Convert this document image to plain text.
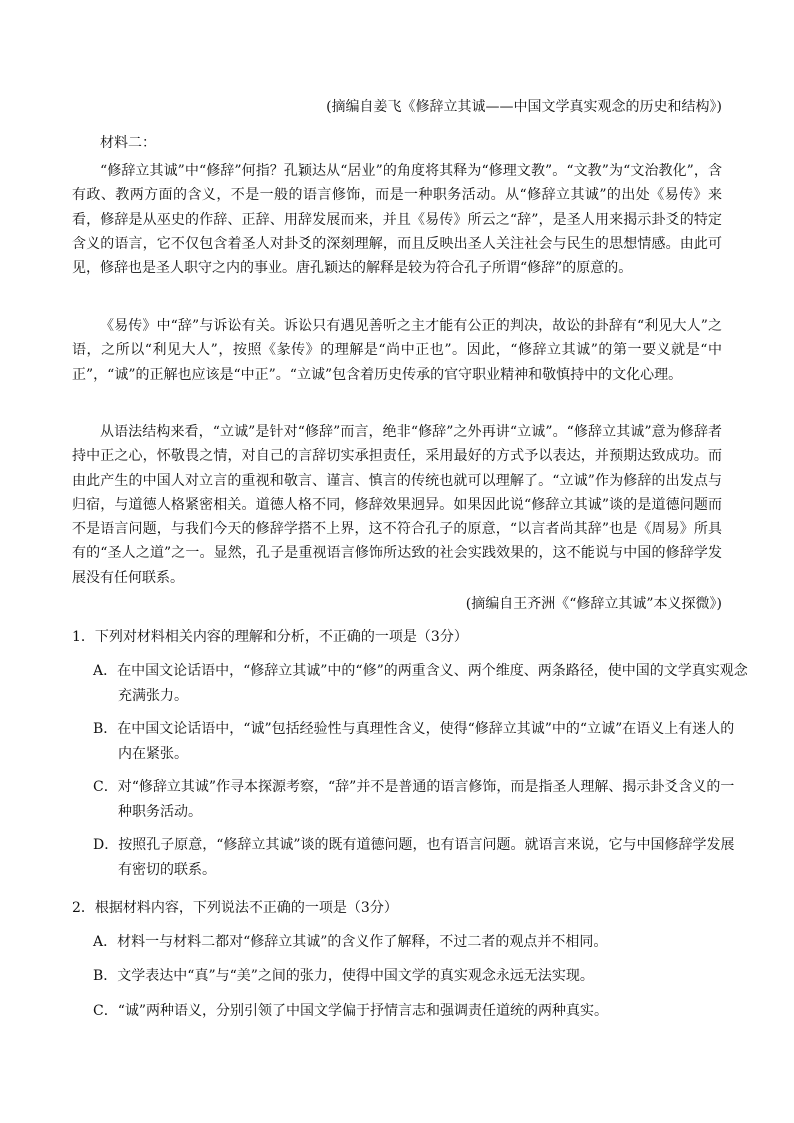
(摘编自姜飞《修辞立其诚——中国文学真实观念的历史和结构》)
材料二：

“修辞立其诚”中“修辞”何指？孔颖达从“居业”的角度将其释为“修理文教”。“文教”为“文治教化”，含有政、教两方面的含义，不是一般的语言修饰，而是一种职务活动。从“修辞立其诚”的出处《易传》来看，修辞是从巫史的作辞、正辞、用辞发展而来，并且《易传》所云之“辞”，是圣人用来揭示卦爻的特定含义的语言，它不仅包含着圣人对卦爻的深刻理解，而且反映出圣人关注社会与民生的思想情感。由此可见，修辞也是圣人职守之内的事业。唐孔颖达的解释是较为符合孔子所谓“修辞”的原意的。

《易传》中“辞”与诉讼有关。诉讼只有遇见善听之主才能有公正的判决，故讼的卦辞有“利见大人”之语，之所以“利见大人”，按照《彖传》的理解是“尚中正也”。因此，“修辞立其诚”的第一要义就是“中正”，“诚”的正解也应该是“中正”。“立诚”包含着历史传承的官守职业精神和敬慎持中的文化心理。

从语法结构来看，“立诚”是针对“修辞”而言，绝非“修辞”之外再讲“立诚”。“修辞立其诚”意为修辞者持中正之心，怀敬畏之情，对自己的言辞切实承担责任，采用最好的方式予以表达，并预期达致成功。而由此产生的中国人对立言的重视和敬言、谨言、慎言的传统也就可以理解了。“立诚”作为修辞的出发点与归宿，与道德人格紧密相关。道德人格不同，修辞效果迥异。如果因此说“修辞立其诚”谈的是道德问题而不是语言问题，与我们今天的修辞学搭不上界，这不符合孔子的原意，“以言者尚其辞”也是《周易》所具有的“圣人之道”之一。显然，孔子是重视语言修饰所达致的社会实践效果的，这不能说与中国的修辞学发展没有任何联系。

(摘编自王齐洲《“修辞立其诚”本义探微》)
1．下列对材料相关内容的理解和分析，不正确的一项是（3分）

A．在中国文论话语中，“修辞立其诚”中的“修”的两重含义、两个维度、两条路径，使中国的文学真实观念充满张力。

B．在中国文论话语中，“诚”包括经验性与真理性含义，使得“修辞立其诚”中的“立诚”在语义上有迷人的内在紧张。

C．对“修辞立其诚”作寻本探源考察，“辞”并不是普通的语言修饰，而是指圣人理解、揭示卦爻含义的一种职务活动。

D．按照孔子原意，“修辞立其诚”谈的既有道德问题，也有语言问题。就语言来说，它与中国修辞学发展有密切的联系。

2．根据材料内容，下列说法不正确的一项是（3分）

A．材料一与材料二都对“修辞立其诚”的含义作了解释，不过二者的观点并不相同。

B．文学表达中“真”与“美”之间的张力，使得中国文学的真实观念永远无法实现。

C．“诚”两种语义，分别引领了中国文学偏于抒情言志和强调责任道统的两种真实。
